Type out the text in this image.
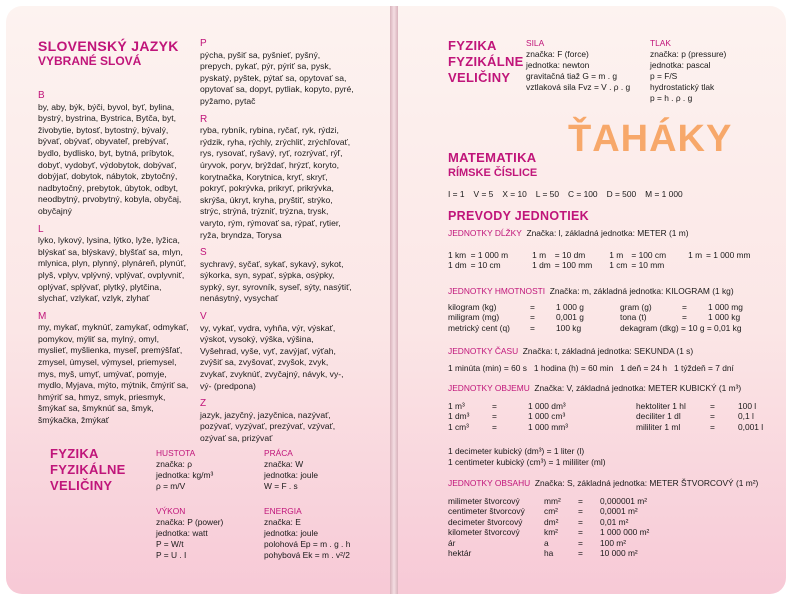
SLOVENSKÝ JAZYK
VYBRANÉ SLOVÁ
B

by, aby, býk, býči, byvol, byť, bylina, bystrý, bystrina, Bystrica, Bytča, byt, živobytie, bytosť, bytostný, bývalý, bývať, obývať, obyvateľ, prebývať, bydlo, bydlisko, byt, bytná, príbytok, dobyť, vydobyť, výdobytok, dobývať, dobýjať, dobytok, nábytok, zbytočný, nadbytočný, prebytok, úbytok, odbyt, neodbytný, prvobytný, kobyla, obyčaj, obyčajný

L

lyko, lykový, lysina, lýtko, lyže, lyžica, blýskať sa, blýskavý, blyšťať sa, mlyn, mlynica, plyn, plynný, plynáreň, plynúť, plyš, vplyv, vplývný, vplývať, ovplyvniť, oplývať, splývať, plytký, plytčina, slychať, vzlykať, vzlyk, zlyhať

M

my, mykať, myknúť, zamykať, odmykať, pomykov, mýliť sa, mylný, omyl, myslieť, myšlienka, myseľ, premýšľať, zmysel, úmysel, výmysel, priemysel, mys, myš, umyť, umývať, pomyje, mydlo, Myjava, mýto, mýtnik, čmýriť sa, hmýriť sa, hmyz, smyk, priesmyk, šmýkať sa, šmyknúť sa, šmyk, šmýkačka, žmýkať

P

pýcha, pyšiť sa, pyšnieť, pyšný, prepych, pykať, pýr, pýriť sa, pysk, pyskatý, pyštek, pýtať sa, opytovať sa, opytovať sa, dopyt, pytliak, kopyto, pyré, pyžamo, pytač

R

ryba, rybník, rybina, ryčať, ryk, rýdzi, rýdzik, ryha, rýchly, zrýchliť, zrýchľovať, rys, rysovať, ryšavý, ryť, rozrývať, rýľ, úryvok, poryv, brýždať, hrýzť, koryto, korytnačka, Korytnica, kryť, skryť, pokryť, pokrývka, prikryť, prikrývka, skrýša, úkryt, kryha, pryštiť, strýko, strýc, strýná, trýzniť, trýzna, trysk, varyto, rým, rýmovať sa, rýpať, rytier, ryža, bryndza, Torysa

S

sychravý, syčať, sykať, sykavý, sykot, sýkorka, syn, sypať, sýpka, osýpky, sypký, syr, syrovník, syseľ, sýty, nasýtiť, nenásytný, vysychať

V

vy, vykať, vydra, vyhňa, výr, výskať, výskot, vysoký, výška, výšina, Vyšehrad, vyše, vyť, zavýjať, výťah, zvýšiť sa, zvyšovať, zvyšok, zvyk, zvykať, zvyknúť, zvyčajný, návyk, vy-, vý- (predpona)

Z

jazyk, jazyčný, jazyčnica, nazývať, pozývať, vyzývať, prezývať, vzývať, ozývať sa, prizývať

FYZIKA
FYZIKÁLNE
VELIČINY
HUSTOTA
značka: ρ
jednotka: kg/m³
ρ = m/V
PRÁCA
značka: W
jednotka: joule
W = F . s
VÝKON
značka: P (power)
jednotka: watt
P = W/t
P = U . I
ENERGIA
značka: E
jednotka: joule
polohová Ep = m . g . h
pohybová Ek = m . v²/2
FYZIKA
FYZIKÁLNE
VELIČINY
SILA
značka: F (force)
jednotka: newton
gravitačná tiaž G = m . g
vztlaková sila Fvz = V . ρ . g
TLAK
značka: p (pressure)
jednotka: pascal
p = F/S
hydrostatický tlak
p = h . ρ . g
ŤAHÁKY
MATEMATIKA
RÍMSKE ČÍSLICE
I = 1 V = 5 X = 10 L = 50 C = 100 D = 500 M = 1 000
PREVODY JEDNOTIEK
JEDNOTKY DĹŽKY Značka: l, základná jednotka: METER (1 m)
1 km	= 1 000 m	1 m	= 10 dm	1 m	= 100 cm	1 m	= 1 000 mm
1 dm	= 10 cm	1 dm	= 100 mm	1 cm	= 10 mm		
JEDNOTKY HMOTNOSTI Značka: m, základná jednotka: KILOGRAM (1 kg)
kilogram (kg)	=	1 000 g	gram (g)	=	1 000 mg
miligram (mg)	=	0,001 g	tona (t)	=	1 000 kg
metrický cent (q)	=	100 kg	dekagram (dkg) = 10 g = 0,01 kg		
JEDNOTKY ČASU Značka: t, základná jednotka: SEKUNDA (1 s)
1 minúta (min) = 60 s   1 hodina (h) = 60 min   1 deň = 24 h   1 týždeň = 7 dní
JEDNOTKY OBJEMU Značka: V, základná jednotka: METER KUBICKÝ (1 m³)
1 m³	=	1 000 dm³	hektoliter 1 hl	=	100 l
1 dm³	=	1 000 cm³	deciliter 1 dl	=	0,1 l
1 cm³	=	1 000 mm³	mililiter 1 ml	=	0,001 l
1 decimeter kubický (dm³) = 1 liter (l)
1 centimeter kubický (cm³) = 1 mililiter (ml)
JEDNOTKY OBSAHU Značka: S, základná jednotka: METER ŠTVORCOVÝ (1 m²)
milimeter štvorcový	mm²	=	0,000001 m²
centimeter štvorcový	cm²	=	0,0001 m²
decimeter štvorcový	dm²	=	0,01 m²
kilometer štvorcový	km²	=	1 000 000 m²
ár	a	=	100 m²
hektár	ha	=	10 000 m²
